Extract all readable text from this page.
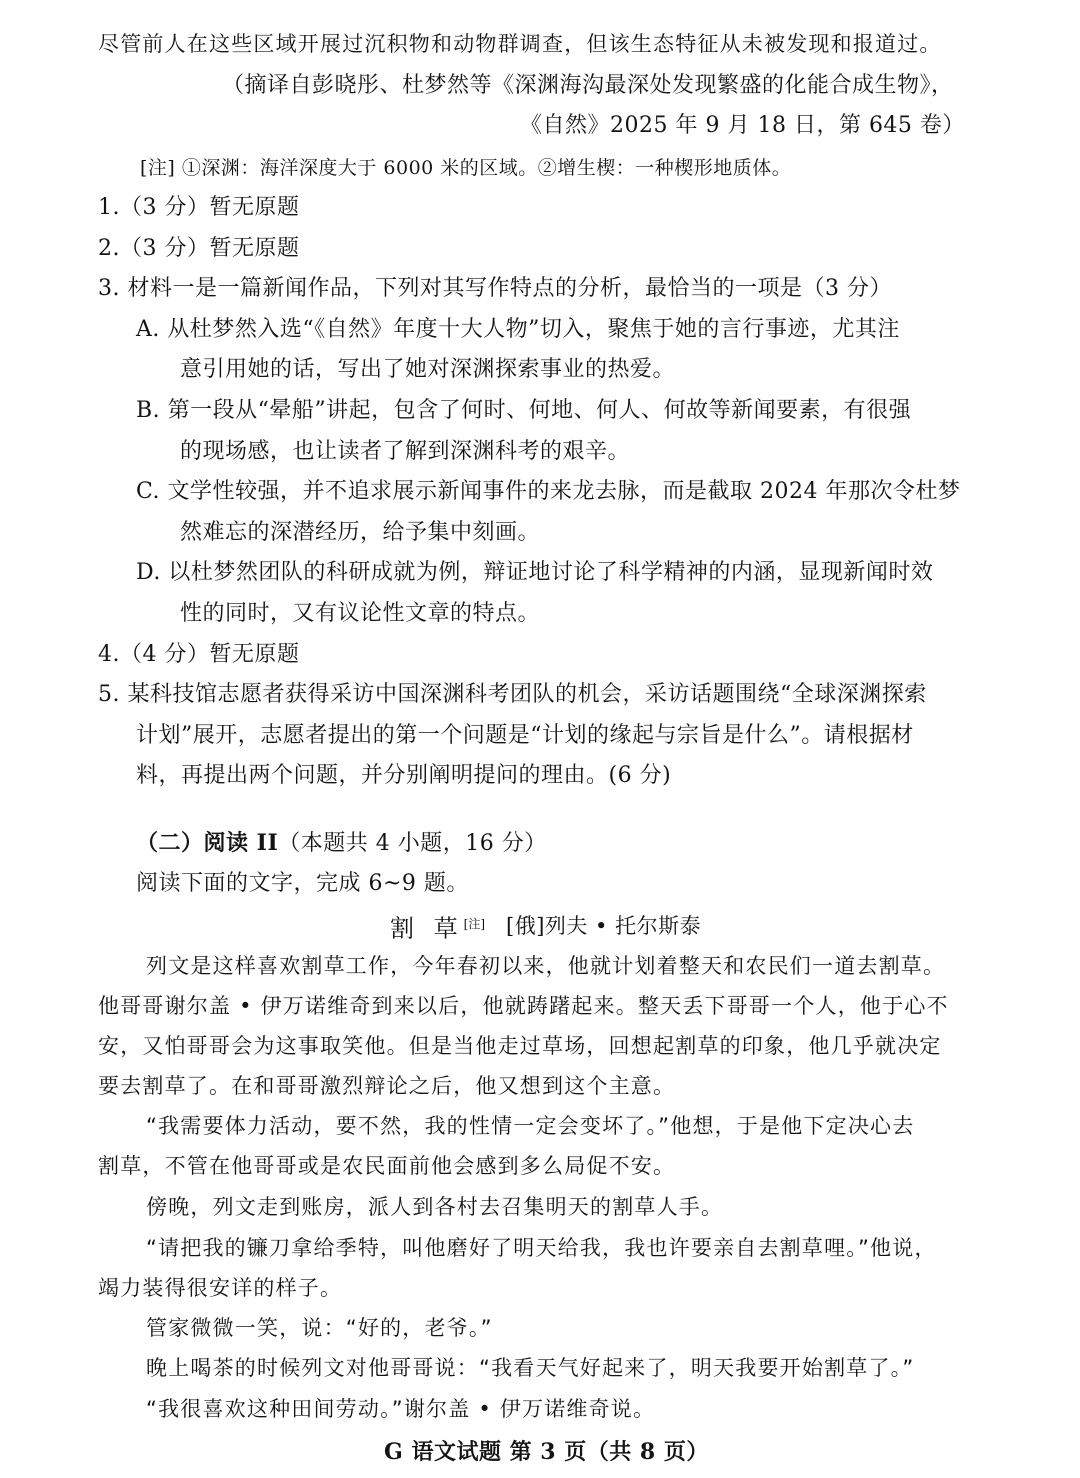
尽管前人在这些区域开展过沉积物和动物群调查，但该生态特征从未被发现和报道过。
（摘译自彭晓彤、杜梦然等《深渊海沟最深处发现繁盛的化能合成生物》，
《自然》2025 年 9 月 18 日，第 645 卷）
[注] ①深渊：海洋深度大于 6000 米的区域。②增生楔：一种楔形地质体。
1.（3 分）暂无原题
2.（3 分）暂无原题
3. 材料一是一篇新闻作品，下列对其写作特点的分析，最恰当的一项是（3 分）
A. 从杜梦然入选“《自然》年度十大人物”切入，聚焦于她的言行事迹，尤其注
意引用她的话，写出了她对深渊探索事业的热爱。
B. 第一段从“晕船”讲起，包含了何时、何地、何人、何故等新闻要素，有很强
的现场感，也让读者了解到深渊科考的艰辛。
C. 文学性较强，并不追求展示新闻事件的来龙去脉，而是截取 2024 年那次令杜梦
然难忘的深潜经历，给予集中刻画。
D. 以杜梦然团队的科研成就为例，辩证地讨论了科学精神的内涵，显现新闻时效
性的同时，又有议论性文章的特点。
4.（4 分）暂无原题
5. 某科技馆志愿者获得采访中国深渊科考团队的机会，采访话题围绕“全球深渊探索
计划”展开，志愿者提出的第一个问题是“计划的缘起与宗旨是什么”。请根据材
料，再提出两个问题，并分别阐明提问的理由。(6 分)
（二）阅读 II（本题共 4 小题，16 分）
阅读下面的文字，完成 6~9 题。
割 草[注] [俄]列夫 • 托尔斯泰
列文是这样喜欢割草工作，今年春初以来，他就计划着整天和农民们一道去割草。
他哥哥谢尔盖 • 伊万诺维奇到来以后，他就踌躇起来。整天丢下哥哥一个人，他于心不
安，又怕哥哥会为这事取笑他。但是当他走过草场，回想起割草的印象，他几乎就决定
要去割草了。在和哥哥激烈辩论之后，他又想到这个主意。
“我需要体力活动，要不然，我的性情一定会变坏了。”他想，于是他下定决心去
割草，不管在他哥哥或是农民面前他会感到多么局促不安。
傍晚，列文走到账房，派人到各村去召集明天的割草人手。
“请把我的镰刀拿给季特，叫他磨好了明天给我，我也许要亲自去割草哩。”他说，
竭力装得很安详的样子。
管家微微一笑，说：“好的，老爷。”
晚上喝茶的时候列文对他哥哥说：“我看天气好起来了，明天我要开始割草了。”
“我很喜欢这种田间劳动。”谢尔盖 • 伊万诺维奇说。
G 语文试题 第 3 页（共 8 页）
